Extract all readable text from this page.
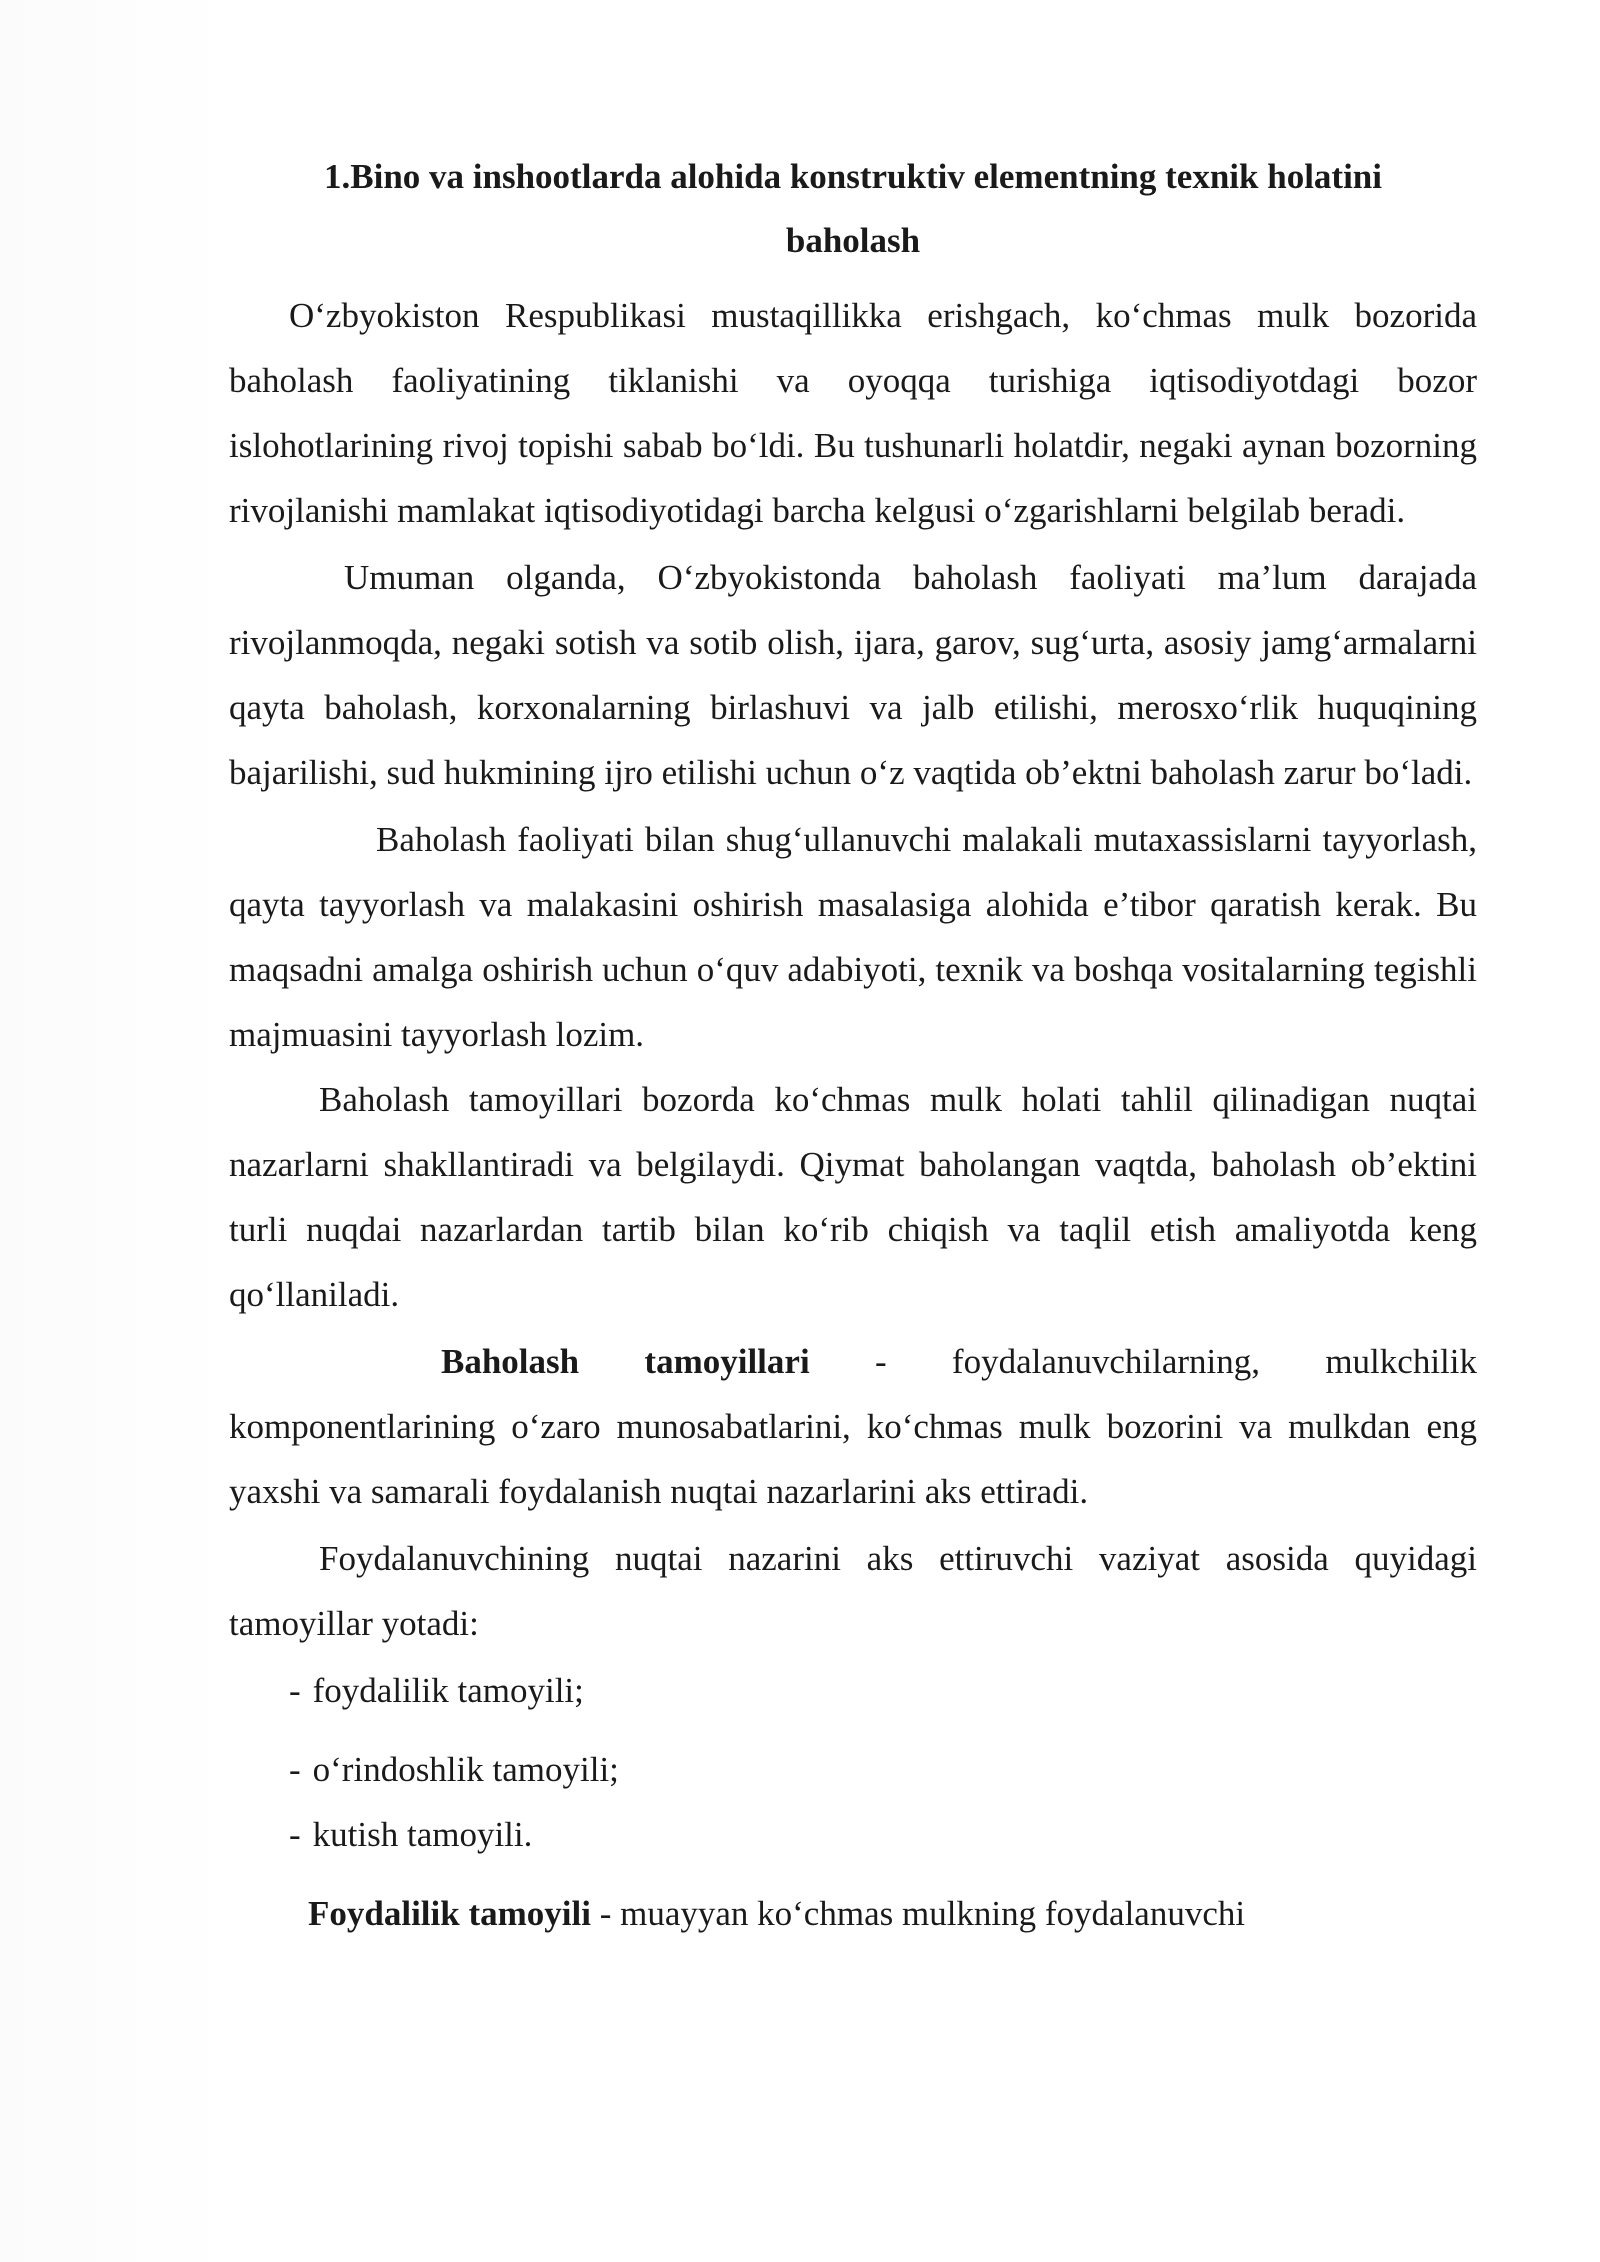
1.Bino va inshootlarda alohida konstruktiv elementning texnik holatini
baholash

O‘zbyokiston Respublikasi mustaqillikka erishgach, ko‘chmas mulk bozorida baholash faoliyatining tiklanishi va oyoqqa turishiga iqtisodiyotdagi bozor islohotlarining rivoj topishi sabab bo‘ldi. Bu tushunarli holatdir, negaki aynan bozorning rivojlanishi mamlakat iqtisodiyotidagi barcha kelgusi o‘zgarishlarni belgilab beradi.

Umuman olganda, O‘zbyokistonda baholash faoliyati ma’lum darajada rivojlanmoqda, negaki sotish va sotib olish, ijara, garov, sug‘urta, asosiy jamg‘armalarni qayta baholash, korxonalarning birlashuvi va jalb etilishi, merosxo‘rlik huquqining bajarilishi, sud hukmining ijro etilishi uchun o‘z vaqtida ob’ektni baholash zarur bo‘ladi.

Baholash faoliyati bilan shug‘ullanuvchi malakali mutaxassislarni tayyorlash, qayta tayyorlash va malakasini oshirish masalasiga alohida e’tibor qaratish kerak. Bu maqsadni amalga oshirish uchun o‘quv adabiyoti, texnik va boshqa vositalarning tegishli majmuasini tayyorlash lozim.

Baholash tamoyillari bozorda ko‘chmas mulk holati tahlil qilinadigan nuqtai nazarlarni shakllantiradi va belgilaydi. Qiymat baholangan vaqtda, baholash ob’ektini turli nuqdai nazarlardan tartib bilan ko‘rib chiqish va taqlil etish amaliyotda keng qo‘llaniladi.

Baholash tamoyillari - foydalanuvchilarning, mulkchilik komponentlarining o‘zaro munosabatlarini, ko‘chmas mulk bozorini va mulkdan eng yaxshi va samarali foydalanish nuqtai nazarlarini aks ettiradi.

Foydalanuvchining nuqtai nazarini aks ettiruvchi vaziyat asosida quyidagi tamoyillar yotadi:

- foydalilik tamoyili;
- o‘rindoshlik tamoyili;
- kutish tamoyili.

Foydalilik tamoyili - muayyan ko‘chmas mulkning foydalanuvchi
